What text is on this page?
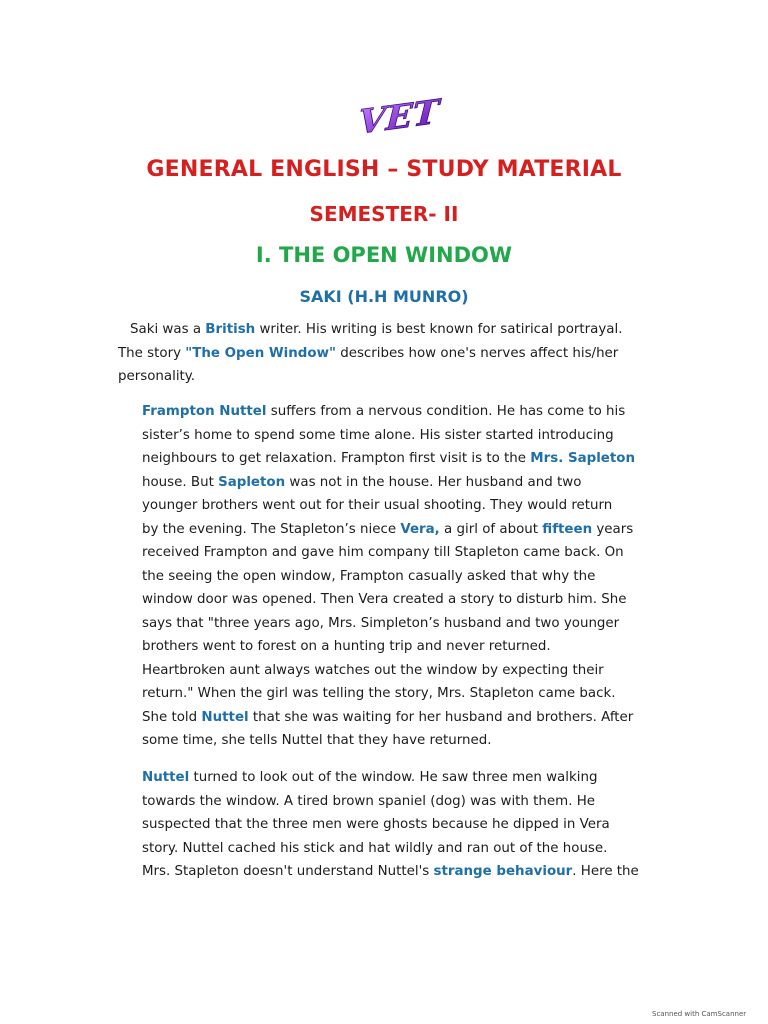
VET
GENERAL ENGLISH – STUDY MATERIAL
SEMESTER- II
I. THE OPEN WINDOW
SAKI (H.H MUNRO)

Saki was a British writer. His writing is best known for satirical portrayal.
The story "The Open Window" describes how one's nerves affect his/her
personality.

Frampton Nuttel suffers from a nervous condition. He has come to his
sister’s home to spend some time alone. His sister started introducing
neighbours to get relaxation. Frampton first visit is to the Mrs. Sapleton
house. But Sapleton was not in the house. Her husband and two
younger brothers went out for their usual shooting. They would return
by the evening. The Stapleton’s niece Vera, a girl of about fifteen years
received Frampton and gave him company till Stapleton came back. On
the seeing the open window, Frampton casually asked that why the
window door was opened. Then Vera created a story to disturb him. She
says that "three years ago, Mrs. Simpleton’s husband and two younger
brothers went to forest on a hunting trip and never returned.
Heartbroken aunt always watches out the window by expecting their
return." When the girl was telling the story, Mrs. Stapleton came back.
She told Nuttel that she was waiting for her husband and brothers. After
some time, she tells Nuttel that they have returned.

Nuttel turned to look out of the window. He saw three men walking
towards the window. A tired brown spaniel (dog) was with them. He
suspected that the three men were ghosts because he dipped in Vera
story. Nuttel cached his stick and hat wildly and ran out of the house.
Mrs. Stapleton doesn't understand Nuttel's strange behaviour. Here the

Scanned with CamScanner
